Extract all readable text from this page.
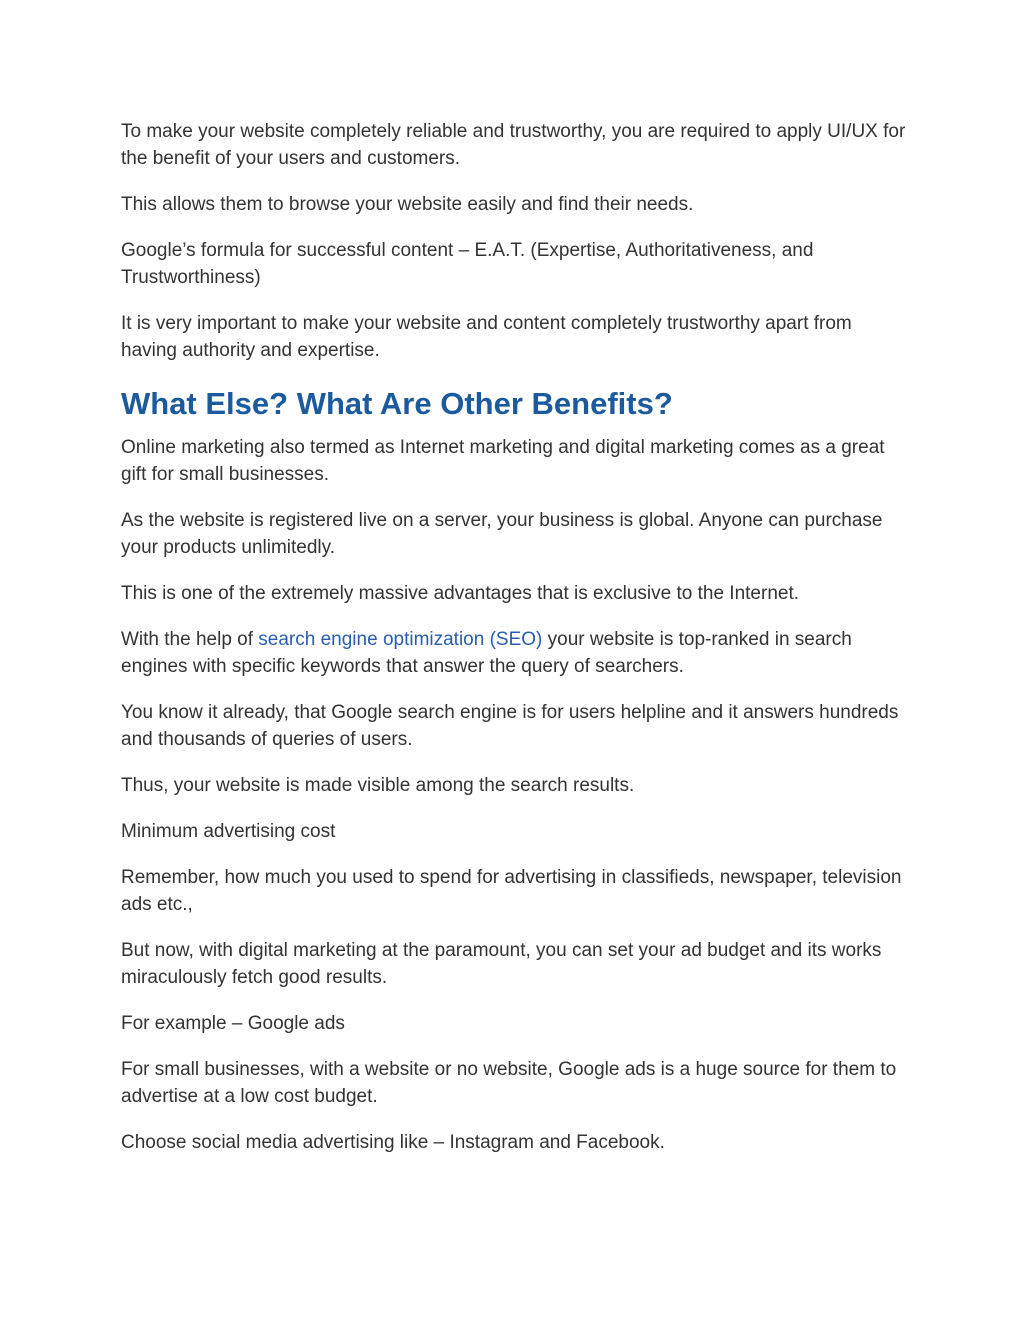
To make your website completely reliable and trustworthy, you are required to apply UI/UX for the benefit of your users and customers.

This allows them to browse your website easily and find their needs.

Google’s formula for successful content – E.A.T. (Expertise, Authoritativeness, and Trustworthiness)

It is very important to make your website and content completely trustworthy apart from having authority and expertise.

What Else? What Are Other Benefits?

Online marketing also termed as Internet marketing and digital marketing comes as a great gift for small businesses.

As the website is registered live on a server, your business is global. Anyone can purchase your products unlimitedly.

This is one of the extremely massive advantages that is exclusive to the Internet.

With the help of search engine optimization (SEO) your website is top-ranked in search engines with specific keywords that answer the query of searchers.

You know it already, that Google search engine is for users helpline and it answers hundreds and thousands of queries of users.

Thus, your website is made visible among the search results.

Minimum advertising cost

Remember, how much you used to spend for advertising in classifieds, newspaper, television ads etc.,

But now, with digital marketing at the paramount, you can set your ad budget and its works miraculously fetch good results.

For example – Google ads

For small businesses, with a website or no website, Google ads is a huge source for them to advertise at a low cost budget.

Choose social media advertising like – Instagram and Facebook.
